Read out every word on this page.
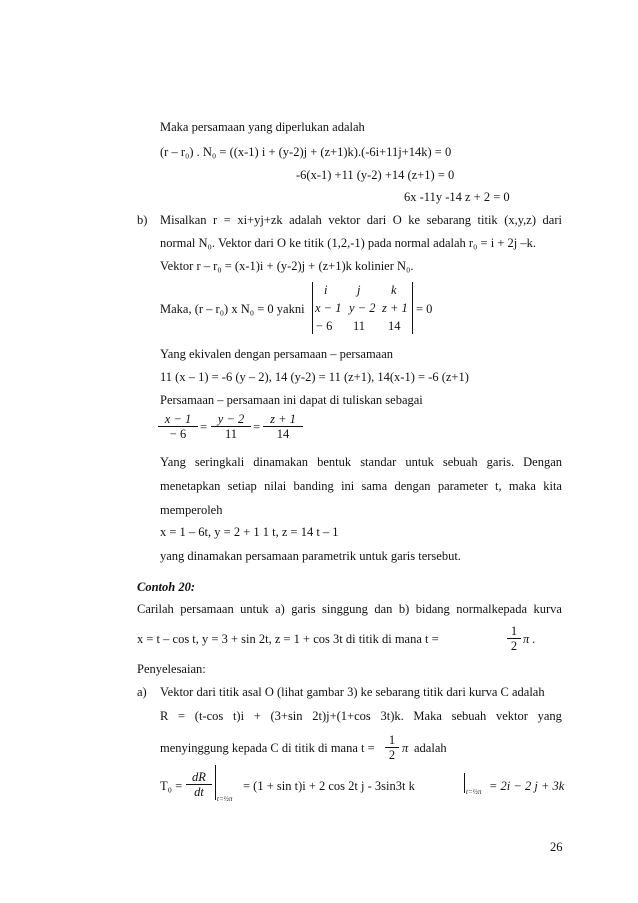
Maka persamaan yang diperlukan adalah
(r – r₀) . N₀ = ((x-1) i + (y-2)j + (z+1)k).(-6i+11j+14k) = 0
-6(x-1) +11 (y-2) +14 (z+1) = 0
6x -11y -14 z + 2 = 0
b) Misalkan r = xi+yj+zk adalah vektor dari O ke sebarang titik (x,y,z) dari
normal N₀. Vektor dari O ke titik (1,2,-1) pada normal adalah r₀ = i + 2j –k.
Vektor r – r₀ = (x-1)i + (y-2)j + (z+1)k kolinier N₀.
Maka, (r – r₀) x N₀ = 0 yakni
i j k
x − 1 y − 2 z + 1
− 6 11 14
= 0
Yang ekivalen dengan persamaan – persamaan
11 (x – 1) = -6 (y – 2), 14 (y-2) = 11 (z+1), 14(x-1) = -6 (z+1)
Persamaan – persamaan ini dapat di tuliskan sebagai
$\frac{x - 1}{- 6} = \frac{y - 2}{11} = \frac{z + 1}{14}$
Yang seringkali dinamakan bentuk standar untuk sebuah garis. Dengan
menetapkan setiap nilai banding ini sama dengan parameter t, maka kita
memperoleh
x = 1 – 6t, y = 2 + 1 1 t, z = 14 t – 1
yang dinamakan persamaan parametrik untuk garis tersebut.
Contoh 20:
Carilah persamaan untuk a) garis singgung dan b) bidang normalkepada kurva
x = t – cos t, y = 3 + sin 2t, z = 1 + cos 3t di titik di mana t =	$\frac{1}{2}$ π .
Penyelesaian:
a) Vektor dari titik asal O (lihat gambar 3) ke sebarang titik dari kurva C adalah
R = (t-cos t)i + (3+sin 2t)j+(1+cos 3t)k. Maka sebuah vektor yang
menyinggung kepada C di titik di mana $t = \frac{1}{2}$ π adalah
$T_0 = \frac{dR}{dt}$ t=½π
= (1 + sin t)i + 2 cos 2t j - 3sin3t k	t=½π = 2i − 2 j + 3k
26
